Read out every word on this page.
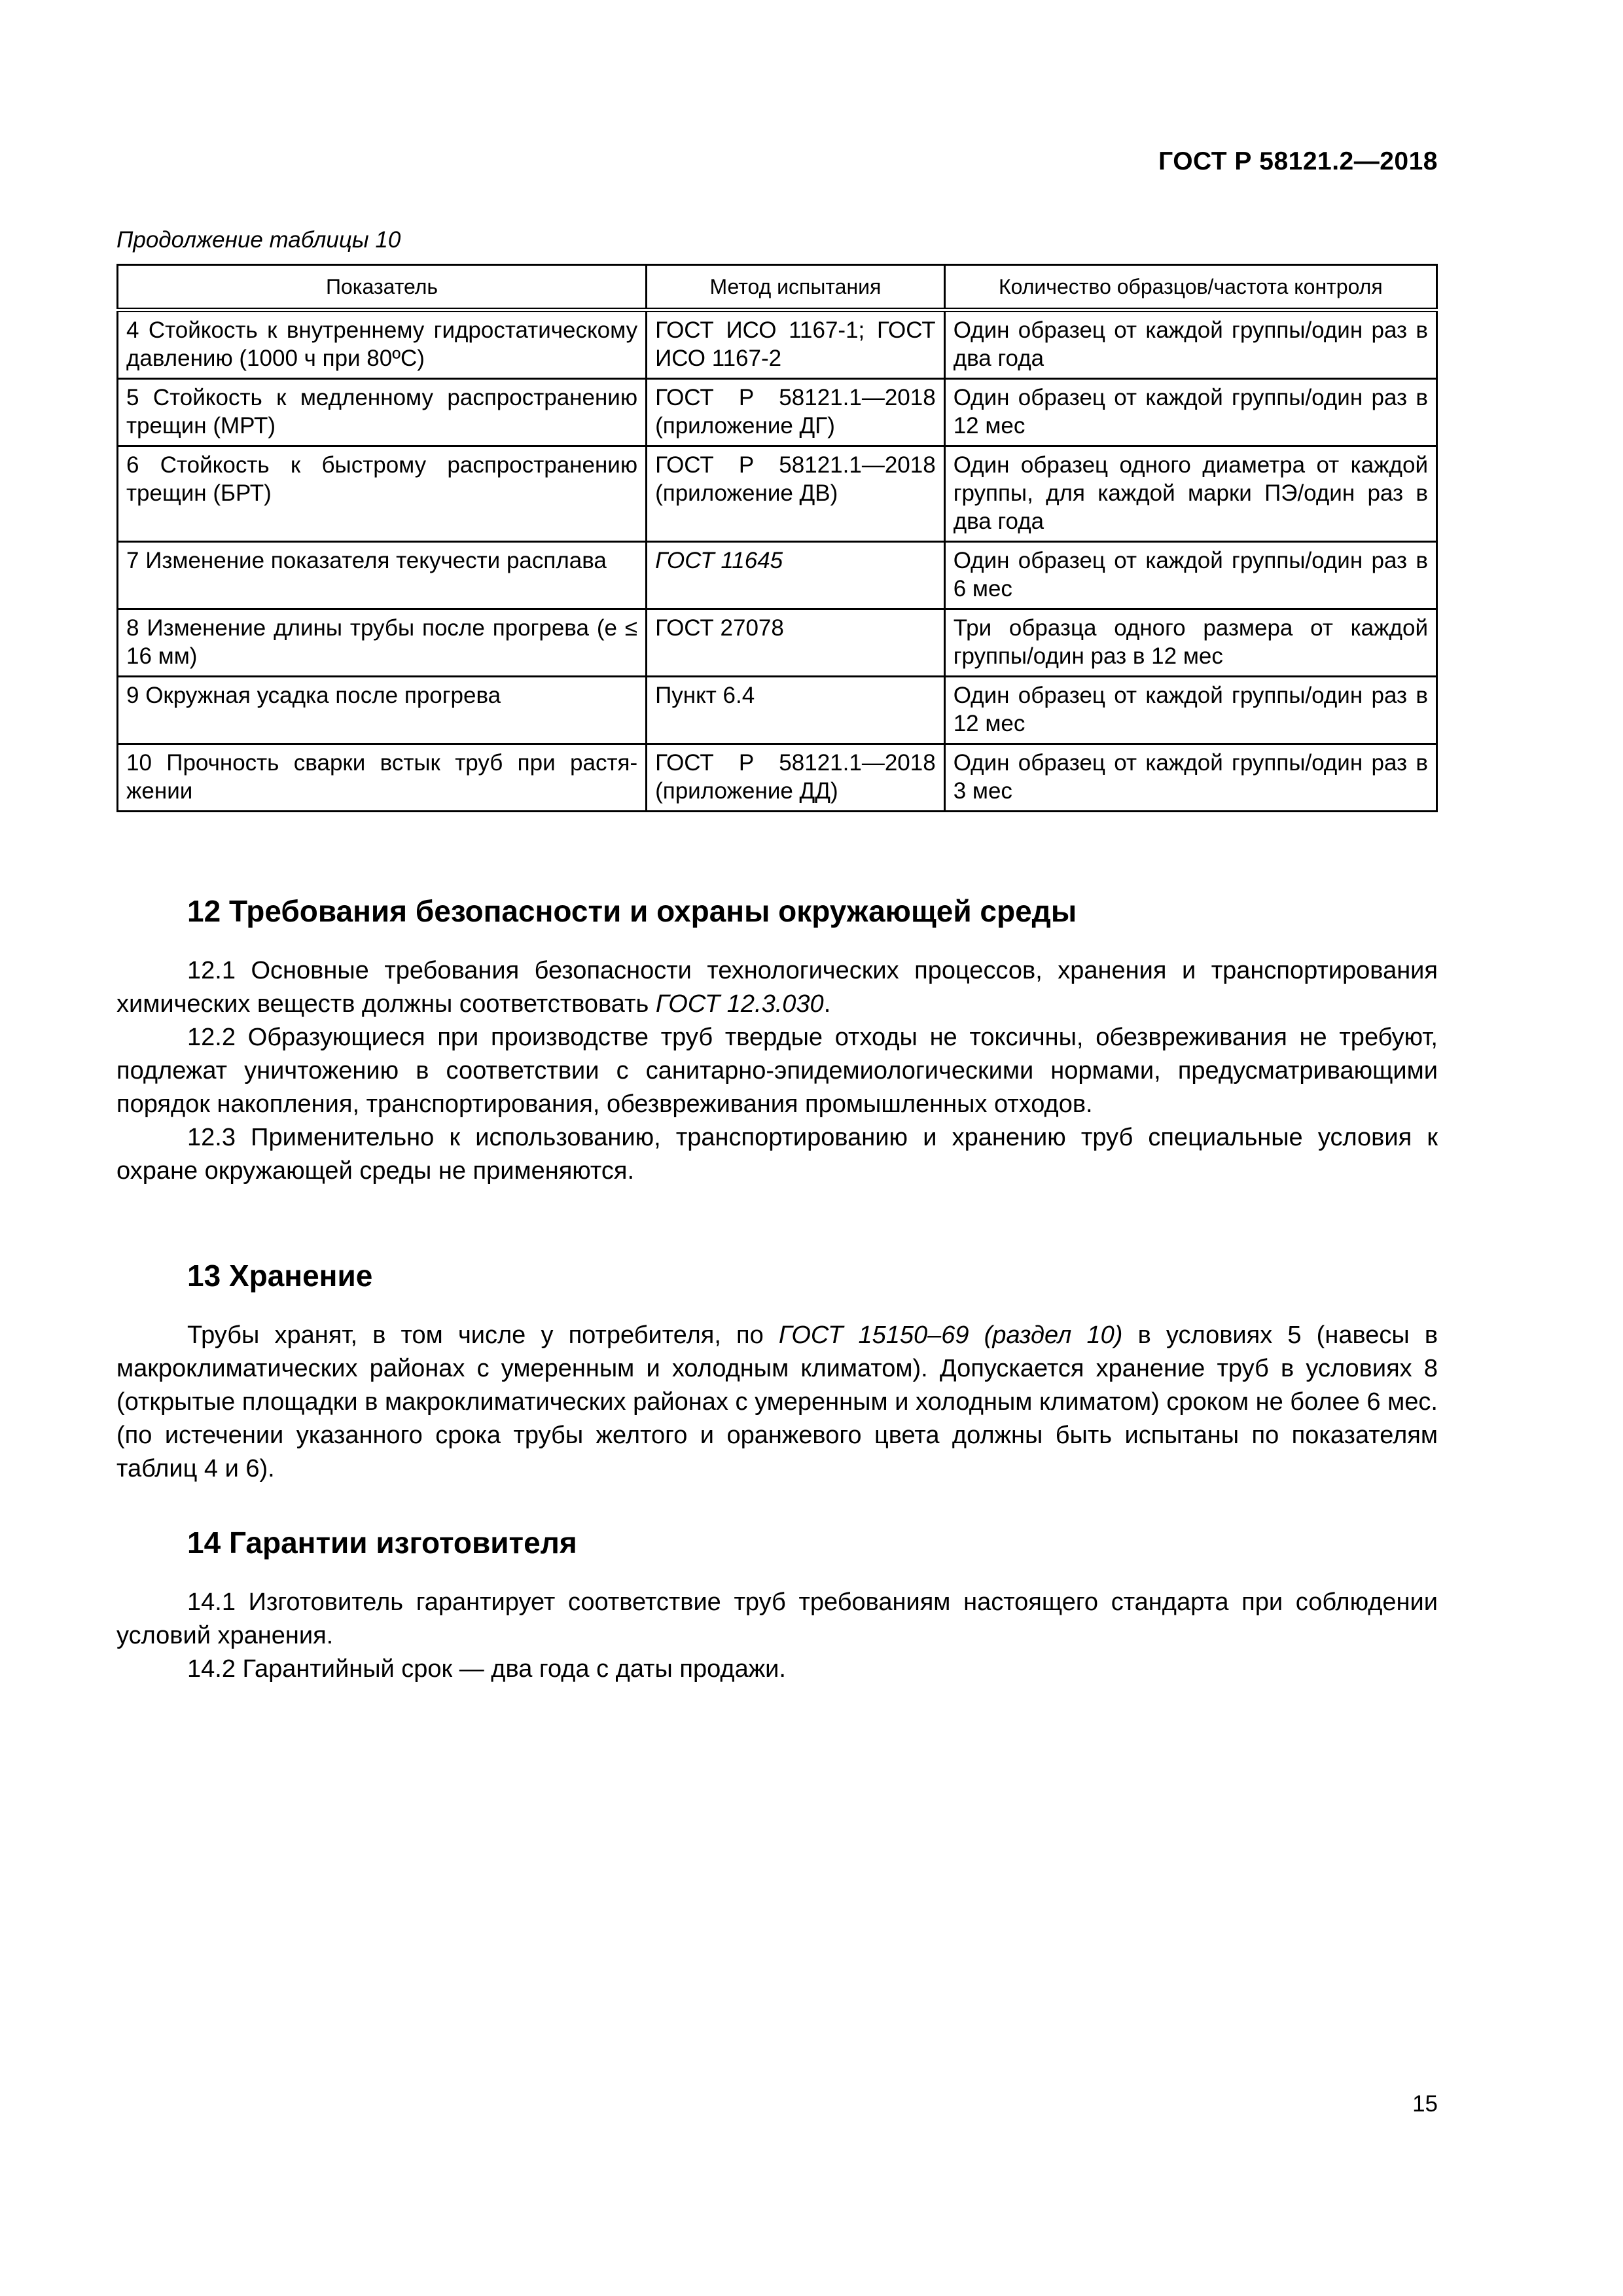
ГОСТ Р 58121.2—2018
Продолжение таблицы 10
Показатель	Метод испытания	Количество образцов/частота контроля
4 Стойкость к внутреннему гидростатическому давлению (1000 ч при 80ºС)	ГОСТ ИСО 1167-1; ГОСТ ИСО 1167-2	Один образец от каждой группы/один раз в два года
5 Стойкость к медленному распространению трещин (МРТ)	ГОСТ Р 58121.1—2018 (приложение ДГ)	Один образец от каждой группы/один раз в 12 мес
6 Стойкость к быстрому распространению трещин (БРТ)	ГОСТ Р 58121.1—2018 (приложение ДВ)	Один образец одного диаметра от каждой группы, для каждой марки ПЭ/один раз в два года
7 Изменение показателя текучести расплава	ГОСТ 11645	Один образец от каждой группы/один раз в 6 мес
8 Изменение длины трубы после прогрева (е ≤ 16 мм)	ГОСТ 27078	Три образца одного размера от каждой группы/один раз в 12 мес
9 Окружная усадка после прогрева	Пункт 6.4	Один образец от каждой группы/один раз в 12 мес
10 Прочность сварки встык труб при растяжении	ГОСТ Р 58121.1—2018 (приложение ДД)	Один образец от каждой группы/один раз в 3 мес
12 Требования безопасности и охраны окружающей среды

12.1 Основные требования безопасности технологических процессов, хранения и транспортирования химических веществ должны соответствовать ГОСТ 12.3.030.

12.2 Образующиеся при производстве труб твердые отходы не токсичны, обезвреживания не требуют, подлежат уничтожению в соответствии с санитарно-эпидемиологическими нормами, предусматривающими порядок накопления, транспортирования, обезвреживания промышленных отходов.

12.3 Применительно к использованию, транспортированию и хранению труб специальные условия к охране окружающей среды не применяются.

13 Хранение

Трубы хранят, в том числе у потребителя, по ГОСТ 15150–69 (раздел 10) в условиях 5 (навесы в макроклиматических районах с умеренным и холодным климатом). Допускается хранение труб в условиях 8 (открытые площадки в макроклиматических районах с умеренным и холодным климатом) сроком не более 6 мес. (по истечении указанного срока трубы желтого и оранжевого цвета должны быть испытаны по показателям таблиц 4 и 6).

14 Гарантии изготовителя

14.1 Изготовитель гарантирует соответствие труб требованиям настоящего стандарта при соблюдении условий хранения.

14.2 Гарантийный срок — два года с даты продажи.

15
